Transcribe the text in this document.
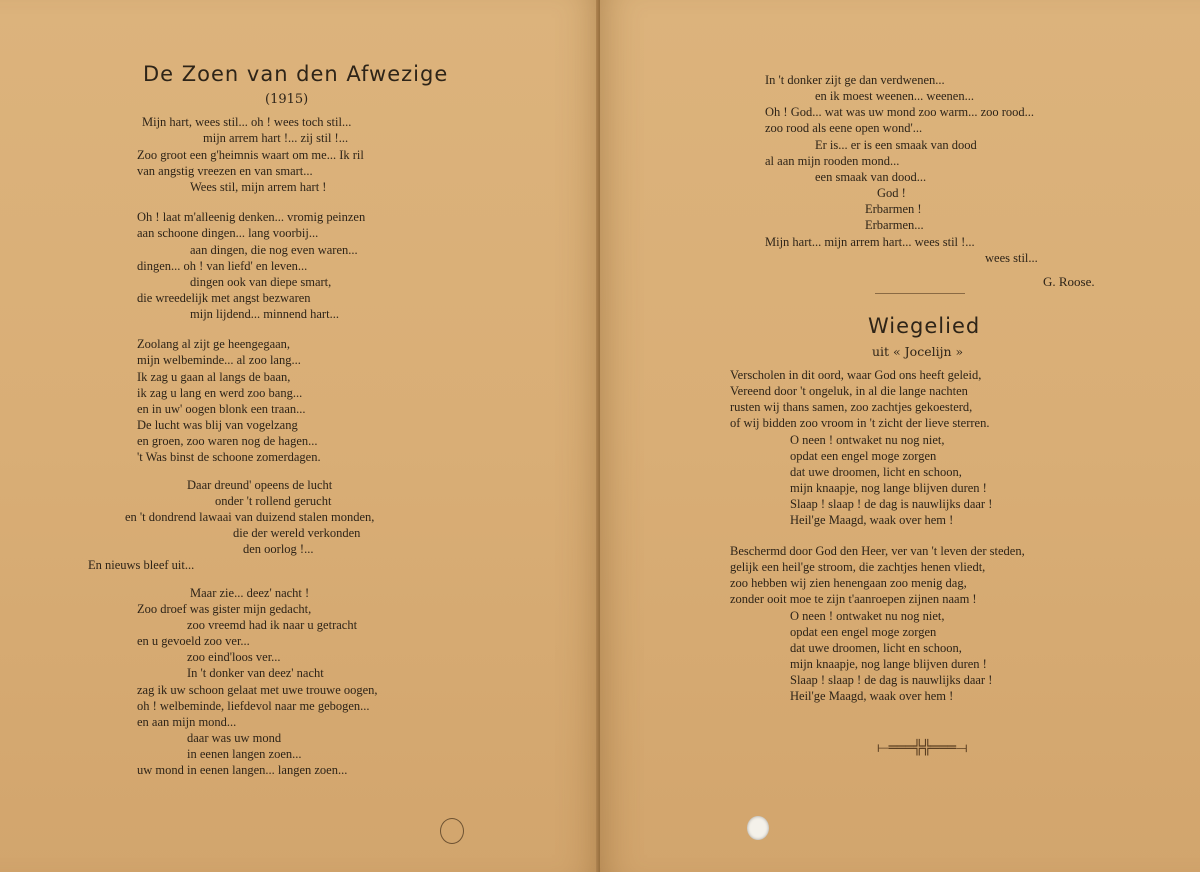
De Zoen van den Afwezige
(1915)
Mijn hart, wees stil... oh ! wees toch stil...
mijn arrem hart !... zij stil !...
Zoo groot een g'heimnis waart om me... Ik ril
van angstig vreezen en van smart...
Wees stil, mijn arrem hart !
Oh ! laat m'alleenig denken... vromig peinzen
aan schoone dingen... lang voorbij...
aan dingen, die nog even waren...
dingen... oh ! van liefd' en leven...
dingen ook van diepe smart,
die wreedelijk met angst bezwaren
mijn lijdend... minnend hart...
Zoolang al zijt ge heengegaan,
mijn welbeminde... al zoo lang...
Ik zag u gaan al langs de baan,
ik zag u lang en werd zoo bang...
en in uw' oogen blonk een traan...
De lucht was blij van vogelzang
en groen, zoo waren nog de hagen...
't Was binst de schoone zomerdagen.
Daar dreund' opeens de lucht
onder 't rollend gerucht
en 't dondrend lawaai van duizend stalen monden,
die der wereld verkonden
den oorlog !...
En nieuws bleef uit...
Maar zie... deez' nacht !
Zoo droef was gister mijn gedacht,
zoo vreemd had ik naar u getracht
en u gevoeld zoo ver...
zoo eind'loos ver...
In 't donker van deez' nacht
zag ik uw schoon gelaat met uwe trouwe oogen,
oh ! welbeminde, liefdevol naar me gebogen...
en aan mijn mond...
daar was uw mond
in eenen langen zoen...
uw mond in eenen langen... langen zoen...
In 't donker zijt ge dan verdwenen...
en ik moest weenen... weenen...
Oh ! God... wat was uw mond zoo warm... zoo rood...
zoo rood als eene open wond'...
Er is... er is een smaak van dood
al aan mijn rooden mond...
een smaak van dood...
God !
Erbarmen !
Erbarmen...
Mijn hart... mijn arrem hart... wees stil !...
wees stil...
G. Roose.
Wiegelied
uit « Jocelijn »
Verscholen in dit oord, waar God ons heeft geleid,
Vereend door 't ongeluk, in al die lange nachten
rusten wij thans samen, zoo zachtjes gekoesterd,
of wij bidden zoo vroom in 't zicht der lieve sterren.
O neen ! ontwaket nu nog niet,
opdat een engel moge zorgen
dat uwe droomen, licht en schoon,
mijn knaapje, nog lange blijven duren !
Slaap ! slaap ! de dag is nauwlijks daar !
Heil'ge Maagd, waak over hem !
Beschermd door God den Heer, ver van 't leven der steden,
gelijk een heil'ge stroom, die zachtjes henen vliedt,
zoo hebben wij zien henengaan zoo menig dag,
zonder ooit moe te zijn t'aanroepen zijnen naam !
O neen ! ontwaket nu nog niet,
opdat een engel moge zorgen
dat uwe droomen, licht en schoon,
mijn knaapje, nog lange blijven duren !
Slaap ! slaap ! de dag is nauwlijks daar !
Heil'ge Maagd, waak over hem !
⟝═══╬╬═══⟞
